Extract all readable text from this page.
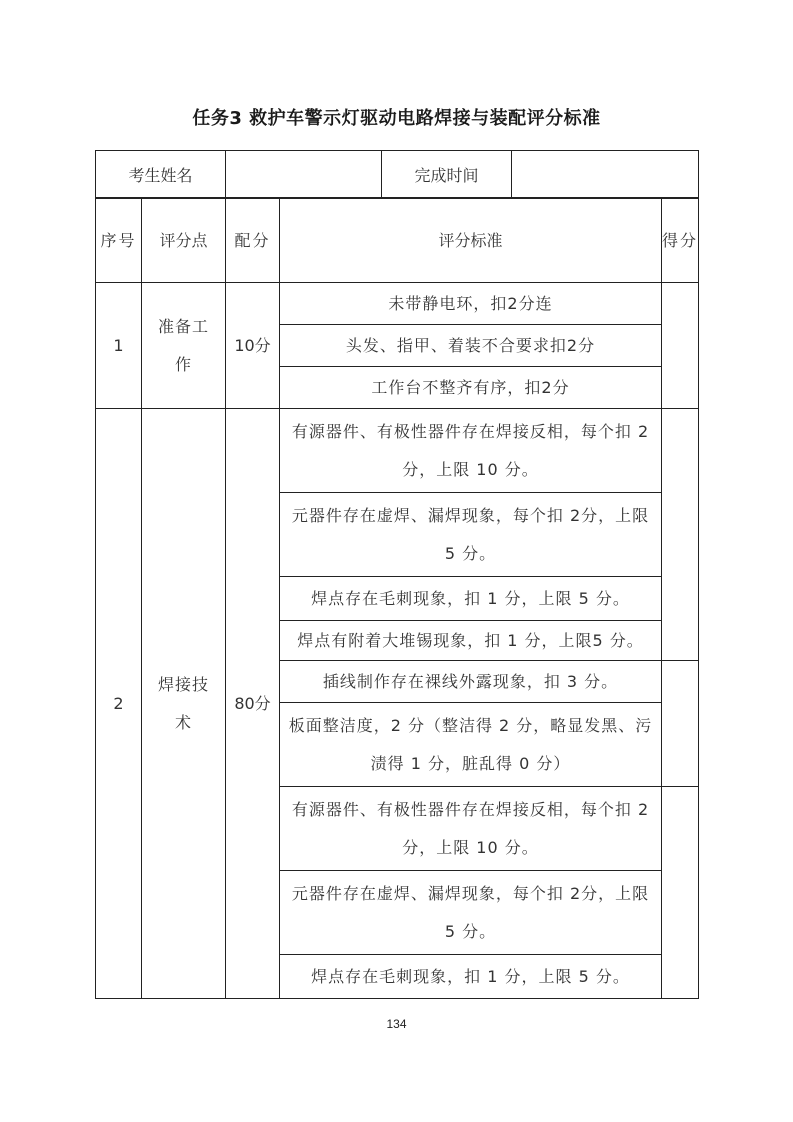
任务3 救护车警示灯驱动电路焊接与装配评分标准
考生姓名		完成时间	
序号	评分点	配分	评分标准	得分

1	准备工作	10分	未带静电环，扣2分连	
			头发、指甲、着装不合要求扣2分	
			工作台不整齐有序，扣2分	
2	焊接技术	80分	有源器件、有极性器件存在焊接反相，每个扣 2 分，上限 10 分。	
			元器件存在虚焊、漏焊现象，每个扣 2分，上限 5 分。	
			焊点存在毛刺现象，扣 1 分，上限 5 分。	
			焊点有附着大堆锡现象，扣 1 分，上限5 分。	
			插线制作存在裸线外露现象，扣 3 分。	
			板面整洁度，2 分（整洁得 2 分，略显发黑、污渍得 1 分，脏乱得 0 分）	
			有源器件、有极性器件存在焊接反相，每个扣 2 分，上限 10 分。	
			元器件存在虚焊、漏焊现象，每个扣 2分，上限 5 分。	
			焊点存在毛刺现象，扣 1 分，上限 5 分。	
134
